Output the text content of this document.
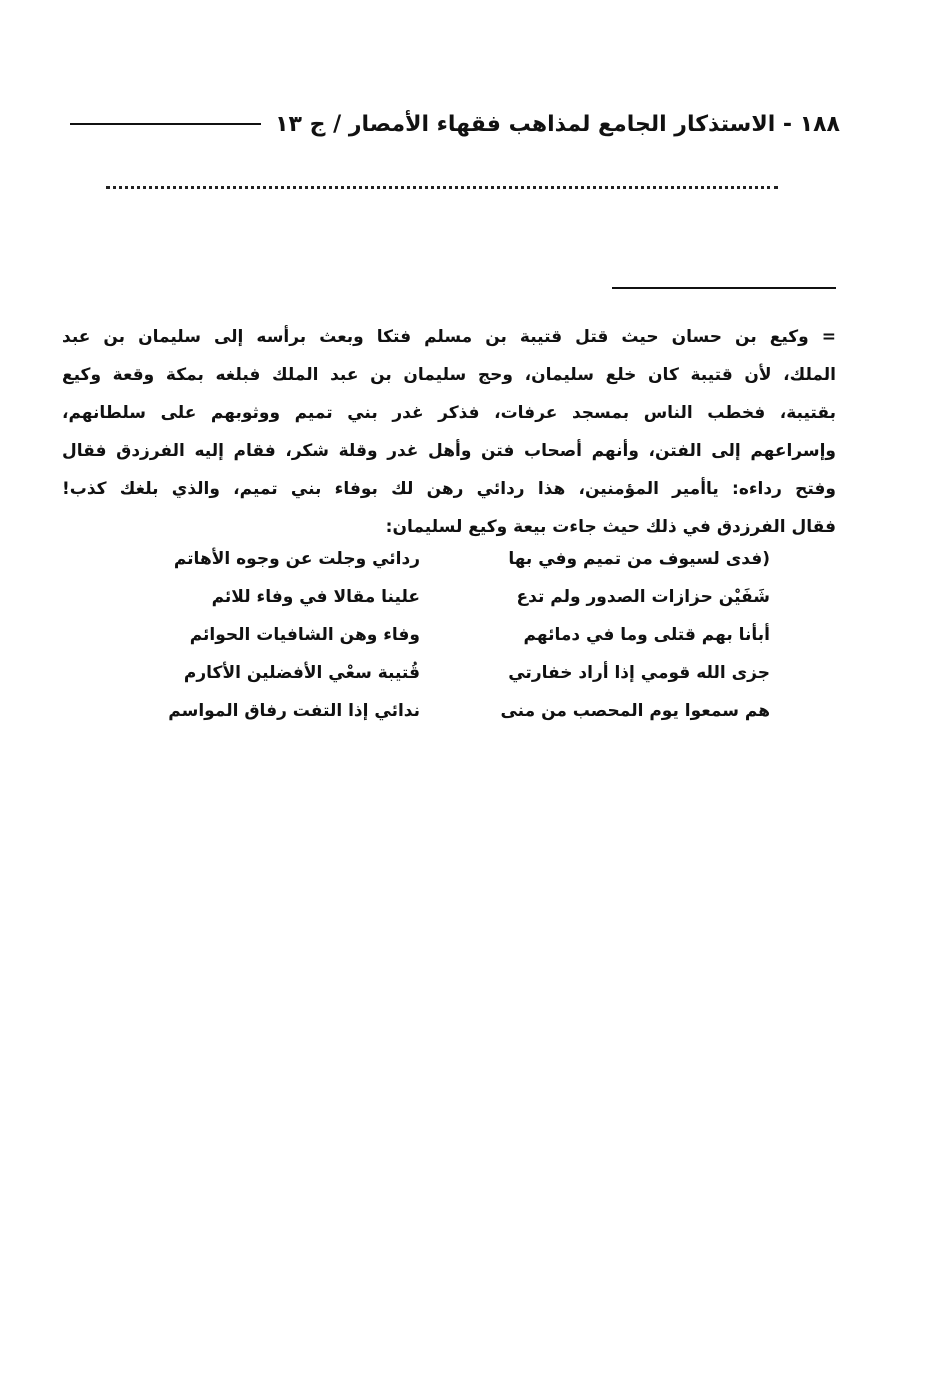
١٨٨ - الاستذكار الجامع لمذاهب فقهاء الأمصار / ج ١٣
= وكيع بن حسان حيث قتل قتيبة بن مسلم فتكا وبعث برأسه إلى سليمان بن عبد
الملك، لأن قتيبة كان خلع سليمان، وحج سليمان بن عبد الملك فبلغه بمكة وقعة وكيع
بقتيبة، فخطب الناس بمسجد عرفات، فذكر غدر بني تميم ووثوبهم على سلطانهم،
وإسراعهم إلى الفتن، وأنهم أصحاب فتن وأهل غدر وقلة شكر، فقام إليه الفرزدق فقال
وفتح رداءه: ياأمير المؤمنين، هذا ردائي رهن لك بوفاء بني تميم، والذي بلغك كذب!
فقال الفرزدق في ذلك حيث جاءت بيعة وكيع لسليمان:
(فدى لسيوف من تميم وفي بها
ردائي وجلت عن وجوه الأهاتم
شَفَيْن حزازات الصدور ولم تدع
علينا مقالا في وفاء للائم
أبأنا بهم قتلى وما في دمائهم
وفاء وهن الشافيات الحوائم
جزى الله قومي إذا أراد خفارتي
قُتيبة سعْي الأفضلين الأكارم
هم سمعوا يوم المحصب من منى
ندائي إذا التفت رفاق المواسم
